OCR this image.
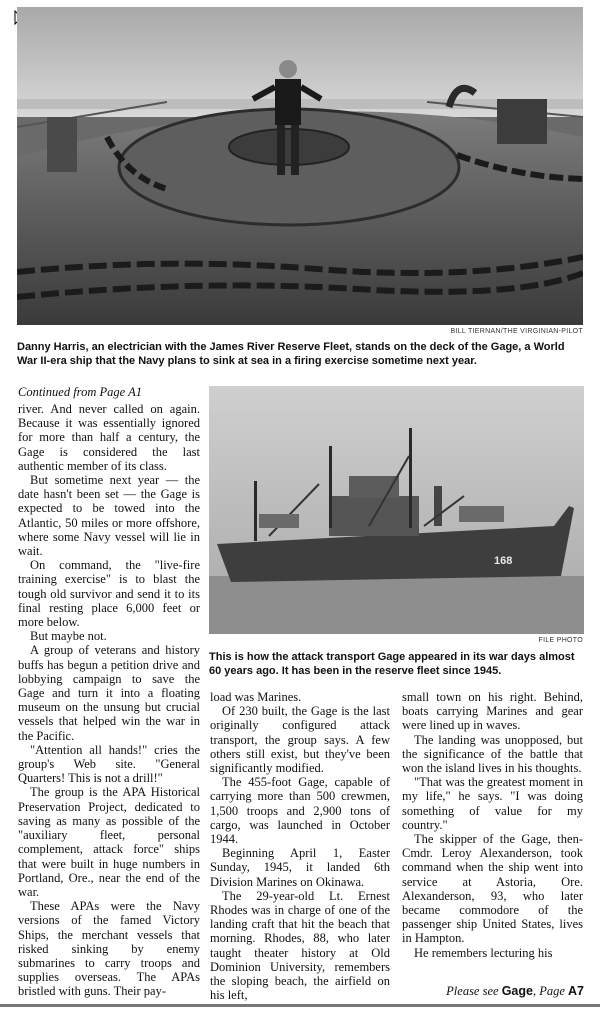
BILL TIERNAN/THE VIRGINIAN-PILOT
Danny Harris, an electrician with the James River Reserve Fleet, stands on the deck of the Gage, a World War II-era ship that the Navy plans to sink at sea in a firing exercise sometime next year.
Continued from Page A1

river. And never called on again. Because it was essentially ignored for more than half a century, the Gage is considered the last authentic member of its class.

But sometime next year — the date hasn't been set — the Gage is expected to be towed into the Atlantic, 50 miles or more offshore, where some Navy vessel will lie in wait.

On command, the "live-fire training exercise" is to blast the tough old survivor and send it to its final resting place 6,000 feet or more below.

But maybe not.

A group of veterans and history buffs has begun a petition drive and lobbying campaign to save the Gage and turn it into a floating museum on the unsung but crucial vessels that helped win the war in the Pacific.

"Attention all hands!" cries the group's Web site. "General Quarters! This is not a drill!"

The group is the APA Historical Preservation Project, dedicated to saving as many as possible of the "auxiliary fleet, personal complement, attack force" ships that were built in huge numbers in Portland, Ore., near the end of the war.

These APAs were the Navy versions of the famed Victory Ships, the merchant vessels that risked sinking by enemy submarines to carry troops and supplies overseas. The APAs bristled with guns. Their pay-

168
FILE PHOTO
This is how the attack transport Gage appeared in its war days almost 60 years ago. It has been in the reserve fleet since 1945.

load was Marines.

Of 230 built, the Gage is the last originally configured attack transport, the group says. A few others still exist, but they've been significantly modified.

The 455-foot Gage, capable of carrying more than 500 crewmen, 1,500 troops and 2,900 tons of cargo, was launched in October 1944.

Beginning April 1, Easter Sunday, 1945, it landed 6th Division Marines on Okinawa.

The 29-year-old Lt. Ernest Rhodes was in charge of one of the landing craft that hit the beach that morning. Rhodes, 88, who later taught theater history at Old Dominion University, remembers the sloping beach, the airfield on his left,

small town on his right. Behind, boats carrying Marines and gear were lined up in waves.

The landing was unopposed, but the significance of the battle that won the island lives in his thoughts.

"That was the greatest moment in my life," he says. "I was doing something of value for my country."

The skipper of the Gage, then-Cmdr. Leroy Alexanderson, took command when the ship went into service at Astoria, Ore. Alexanderson, 93, who later became commodore of the passenger ship United States, lives in Hampton.

He remembers lecturing his

Please see Gage, Page A7
